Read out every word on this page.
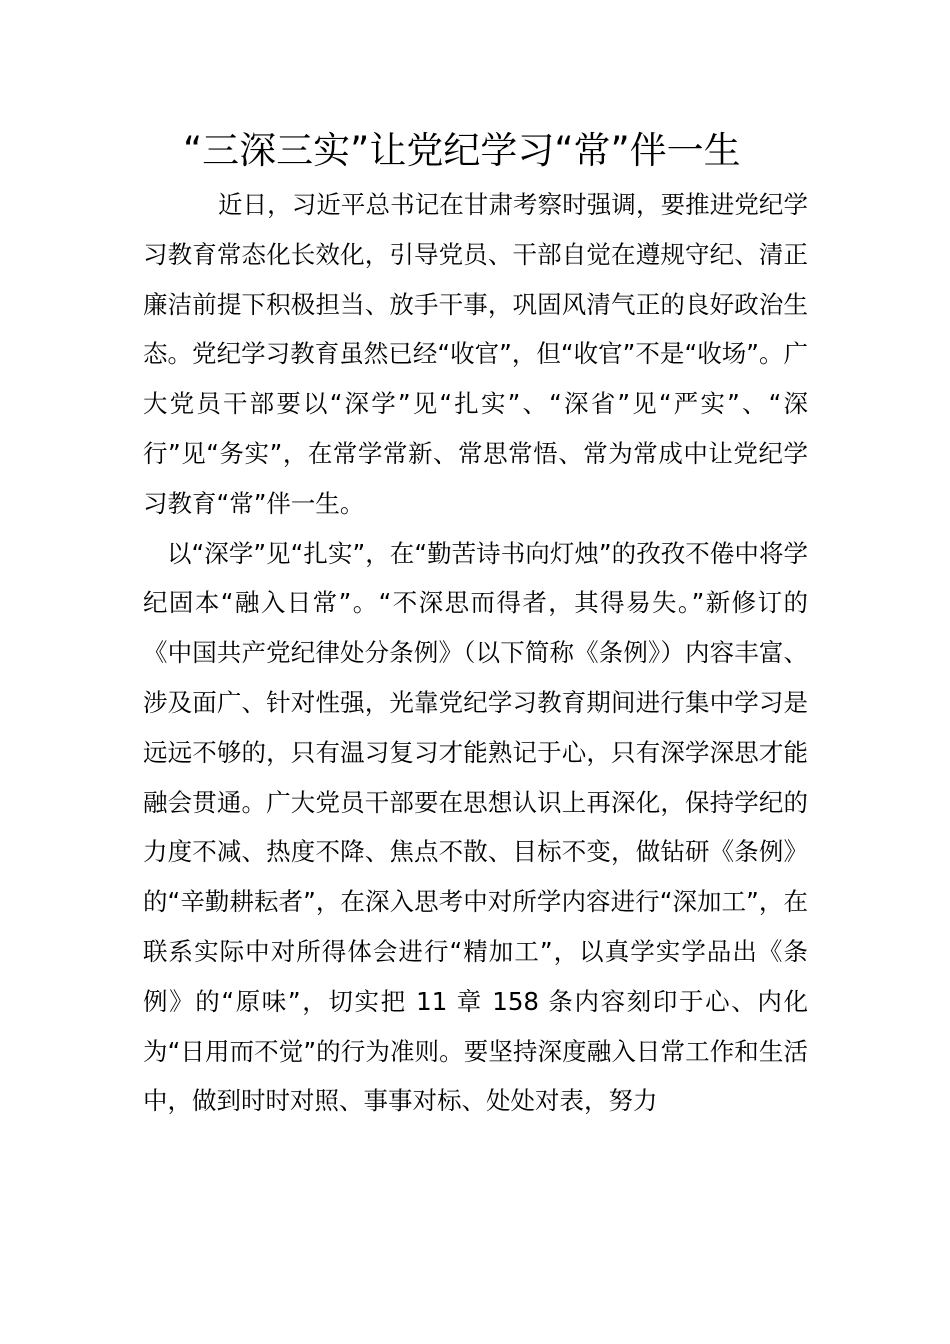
“三深三实”让党纪学习“常”伴一生

近日，习近平总书记在甘肃考察时强调，要推进党纪学习教育常态化长效化，引导党员、干部自觉在遵规守纪、清正廉洁前提下积极担当、放手干事，巩固风清气正的良好政治生态。党纪学习教育虽然已经“收官”，但“收官”不是“收场”。广大党员干部要以“深学”见“扎实”、“深省”见“严实”、“深行”见“务实”，在常学常新、常思常悟、常为常成中让党纪学习教育“常”伴一生。

以“深学”见“扎实”，在“勤苦诗书向灯烛”的孜孜不倦中将学纪固本“融入日常”。“不深思而得者，其得易失。”新修订的《中国共产党纪律处分条例》（以下简称《条例》）内容丰富、涉及面广、针对性强，光靠党纪学习教育期间进行集中学习是远远不够的，只有温习复习才能熟记于心，只有深学深思才能融会贯通。广大党员干部要在思想认识上再深化，保持学纪的力度不减、热度不降、焦点不散、目标不变，做钻研《条例》的“辛勤耕耘者”，在深入思考中对所学内容进行“深加工”，在联系实际中对所得体会进行“精加工”，以真学实学品出《条例》的“原味”，切实把 11 章 158 条内容刻印于心、内化为“日用而不觉”的行为准则。要坚持深度融入日常工作和生活中，做到时时对照、事事对标、处处对表，努力
